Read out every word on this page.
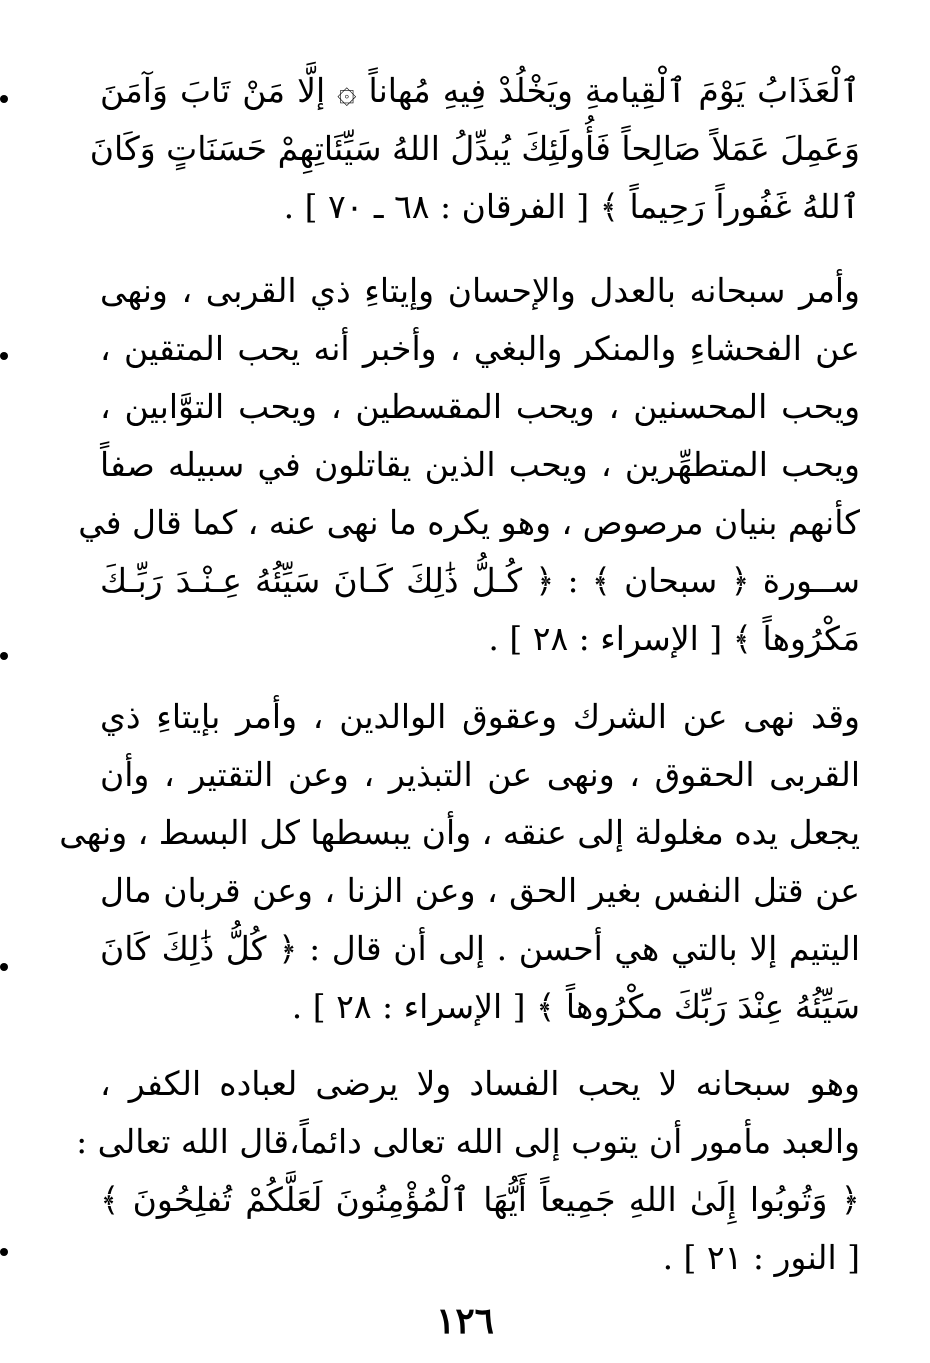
ٱلْعَذَابُ يَوْمَ ٱلْقِيامةِ ويَخْلُدْ فِيهِ مُهاناً ۞ إلَّا مَنْ تَابَ وَآمَنَ
وَعَمِلَ عَمَلاً صَالِحاً فَأُولَئِكَ يُبدِّلُ اللهُ سَيِّئَاتِهِمْ حَسَنَاتٍ وَكَانَ
ٱللهُ غَفُوراً رَحِيماً ﴾ [ الفرقان : ٦٨ ـ ٧٠ ] .
وأمر سبحانه بالعدل والإحسان وإيتاءِ ذي القربى ، ونهى
عن الفحشاءِ والمنكر والبغي ، وأخبر أنه يحب المتقين ،
ويحب المحسنين ، ويحب المقسطين ، ويحب التوَّابين ،
ويحب المتطهِّرين ، ويحب الذين يقاتلون في سبيله صفاً
كأنهم بنيان مرصوص ، وهو يكره ما نهى عنه ، كما قال في
ســورة ﴿ سبحان ﴾ : ﴿ كُـلُّ ذَٰلِكَ كَـانَ سَيِّئُهُ عِـنْـدَ رَبِّـكَ
مَكْرُوهاً ﴾ [ الإسراء : ٢٨ ] .
وقد نهى عن الشرك وعقوق الوالدين ، وأمر بإيتاءِ ذي
القربى الحقوق ، ونهى عن التبذير ، وعن التقتير ، وأن
يجعل يده مغلولة إلى عنقه ، وأن يبسطها كل البسط ، ونهى
عن قتل النفس بغير الحق ، وعن الزنا ، وعن قربان مال
اليتيم إلا بالتي هي أحسن . إلى أن قال : ﴿ كُلُّ ذَٰلِكَ كَانَ
سَيِّئُهُ عِنْدَ رَبِّكَ مكْرُوهاً ﴾ [ الإسراء : ٢٨ ] .
وهو سبحانه لا يحب الفساد ولا يرضى لعباده الكفر ،
والعبد مأمور أن يتوب إلى الله تعالى دائماً،قال الله تعالى :
﴿ وَتُوبُوا إِلَىٰ اللهِ جَمِيعاً أَيُّهَا ٱلْمُؤْمِنُونَ لَعَلَّكُمْ تُفلِحُونَ ﴾
[ النور : ٢١ ] .
١٢٦
